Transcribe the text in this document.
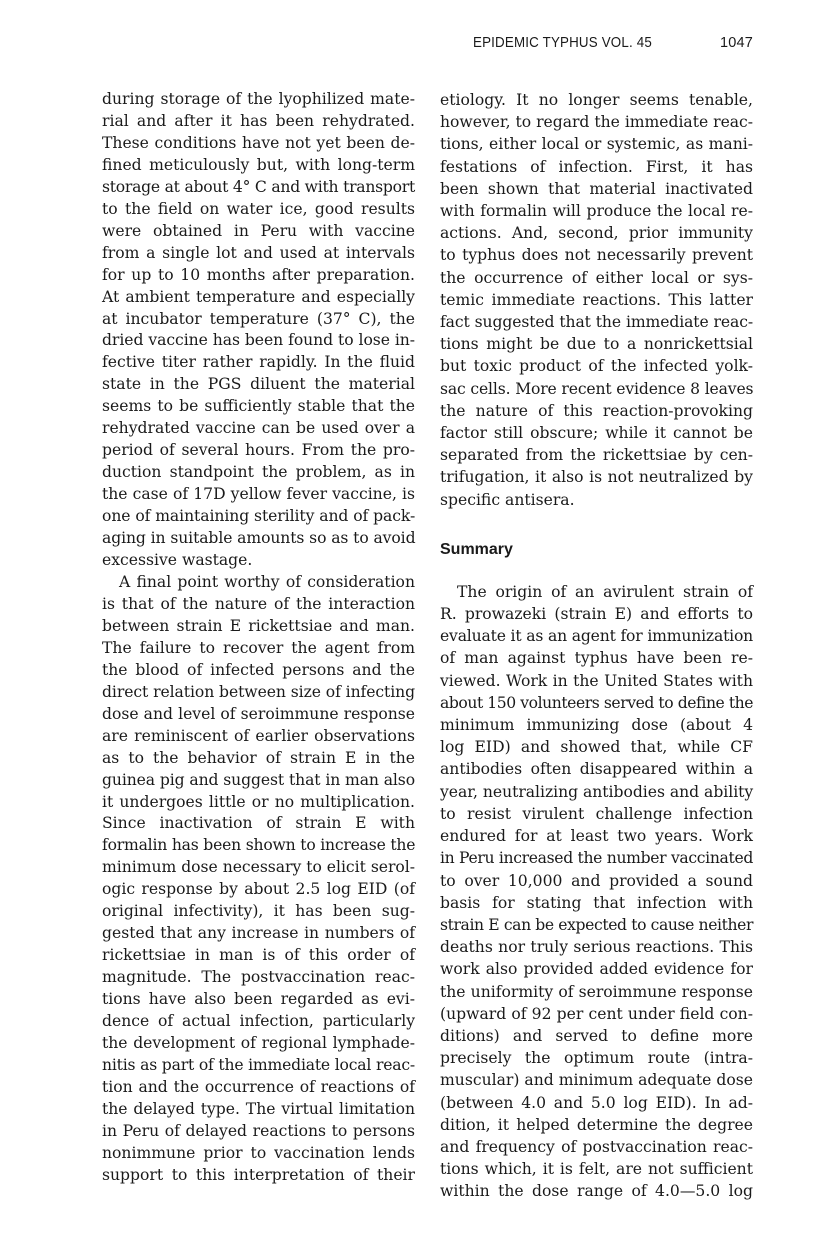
EPIDEMIC TYPHUS VOL. 45	1047
during storage of the lyophilized mate-
rial and after it has been rehydrated.
These conditions have not yet been de-
fined meticulously but, with long-term
storage at about 4° C and with transport
to the field on water ice, good results
were obtained in Peru with vaccine
from a single lot and used at intervals
for up to 10 months after preparation.
At ambient temperature and especially
at incubator temperature (37° C), the
dried vaccine has been found to lose in-
fective titer rather rapidly. In the fluid
state in the PGS diluent the material
seems to be sufficiently stable that the
rehydrated vaccine can be used over a
period of several hours. From the pro-
duction standpoint the problem, as in
the case of 17D yellow fever vaccine, is
one of maintaining sterility and of pack-
aging in suitable amounts so as to avoid
excessive wastage.
A final point worthy of consideration
is that of the nature of the interaction
between strain E rickettsiae and man.
The failure to recover the agent from
the blood of infected persons and the
direct relation between size of infecting
dose and level of seroimmune response
are reminiscent of earlier observations
as to the behavior of strain E in the
guinea pig and suggest that in man also
it undergoes little or no multiplication.
Since inactivation of strain E with
formalin has been shown to increase the
minimum dose necessary to elicit serol-
ogic response by about 2.5 log EID (of
original infectivity), it has been sug-
gested that any increase in numbers of
rickettsiae in man is of this order of
magnitude. The postvaccination reac-
tions have also been regarded as evi-
dence of actual infection, particularly
the development of regional lymphade-
nitis as part of the immediate local reac-
tion and the occurrence of reactions of
the delayed type. The virtual limitation
in Peru of delayed reactions to persons
nonimmune prior to vaccination lends
support to this interpretation of their
etiology. It no longer seems tenable,
however, to regard the immediate reac-
tions, either local or systemic, as mani-
festations of infection. First, it has
been shown that material inactivated
with formalin will produce the local re-
actions. And, second, prior immunity
to typhus does not necessarily prevent
the occurrence of either local or sys-
temic immediate reactions. This latter
fact suggested that the immediate reac-
tions might be due to a nonrickettsial
but toxic product of the infected yolk-
sac cells. More recent evidence 8 leaves
the nature of this reaction-provoking
factor still obscure; while it cannot be
separated from the rickettsiae by cen-
trifugation, it also is not neutralized by
specific antisera.
Summary
The origin of an avirulent strain of
R. prowazeki (strain E) and efforts to
evaluate it as an agent for immunization
of man against typhus have been re-
viewed. Work in the United States with
about 150 volunteers served to define the
minimum immunizing dose (about 4
log EID) and showed that, while CF
antibodies often disappeared within a
year, neutralizing antibodies and ability
to resist virulent challenge infection
endured for at least two years. Work
in Peru increased the number vaccinated
to over 10,000 and provided a sound
basis for stating that infection with
strain E can be expected to cause neither
deaths nor truly serious reactions. This
work also provided added evidence for
the uniformity of seroimmune response
(upward of 92 per cent under field con-
ditions) and served to define more
precisely the optimum route (intra-
muscular) and minimum adequate dose
(between 4.0 and 5.0 log EID). In ad-
dition, it helped determine the degree
and frequency of postvaccination reac-
tions which, it is felt, are not sufficient
within the dose range of 4.0—5.0 log
